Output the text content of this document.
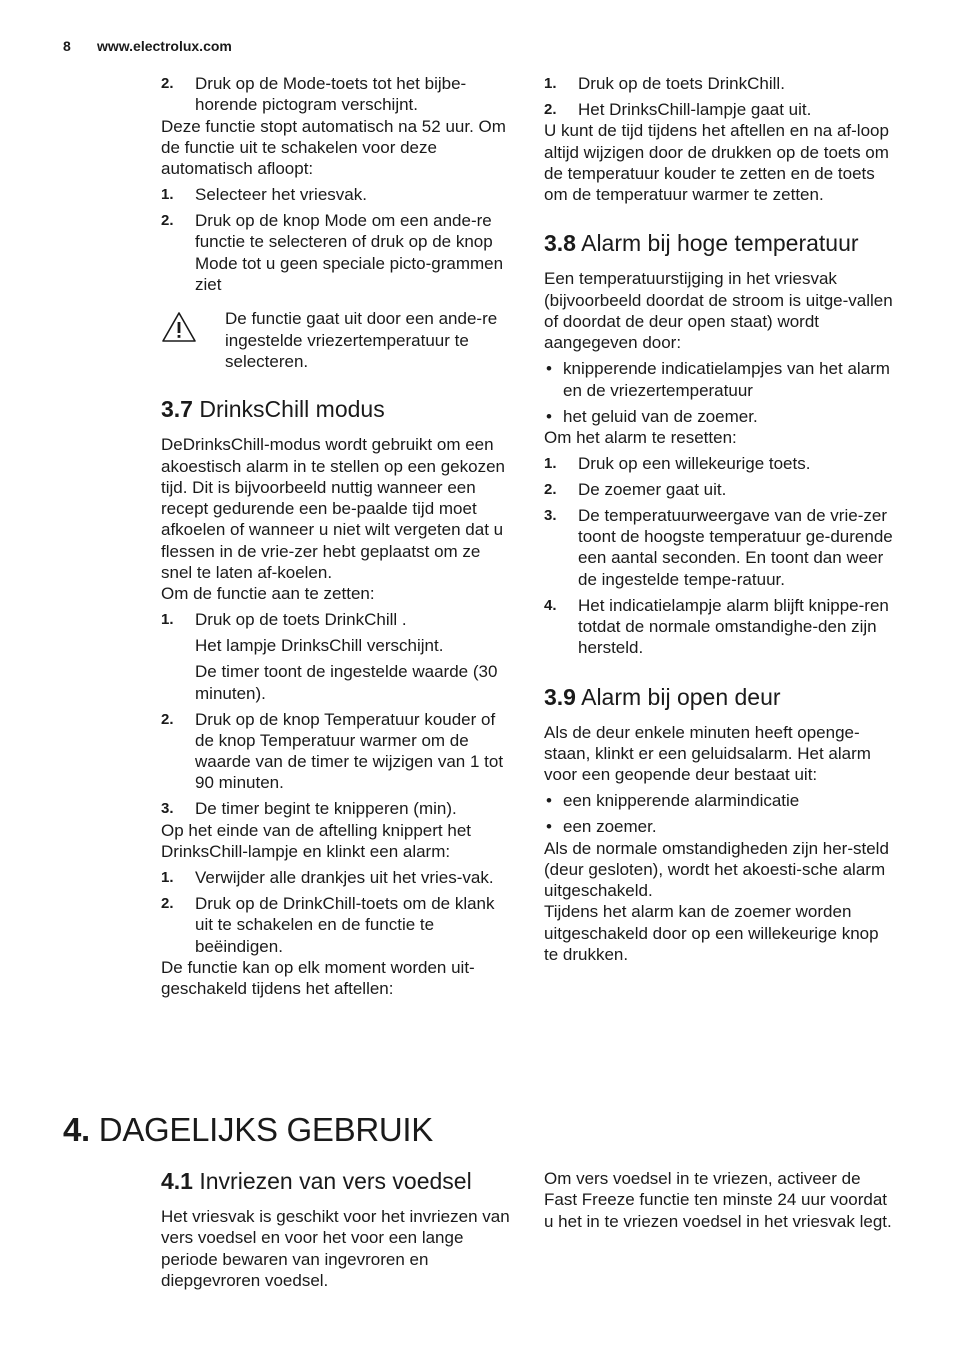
8 www.electrolux.com
2. Druk op de Mode-toets tot het bijbe-horende pictogram verschijnt.

Deze functie stopt automatisch na 52 uur. Om de functie uit te schakelen voor deze automatisch afloopt:

1. Selecteer het vriesvak.
2. Druk op de knop Mode om een ande-re functie te selecteren of druk op de knop Mode tot u geen speciale picto-grammen ziet
De functie gaat uit door een ande-re ingestelde vriezertemperatuur te selecteren.
3.7 DrinksChill modus

DeDrinksChill-modus wordt gebruikt om een akoestisch alarm in te stellen op een gekozen tijd. Dit is bijvoorbeeld nuttig wanneer een recept gedurende een be-paalde tijd moet afkoelen of wanneer u niet wilt vergeten dat u flessen in de vrie-zer hebt geplaatst om ze snel te laten af-koelen.

Om de functie aan te zetten:

1. Druk op de toets DrinkChill .
Het lampje DrinksChill verschijnt.
De timer toont de ingestelde waarde (30 minuten).
2. Druk op de knop Temperatuur kouder of de knop Temperatuur warmer om de waarde van de timer te wijzigen van 1 tot 90 minuten.
3. De timer begint te knipperen (min).

Op het einde van de aftelling knippert het DrinksChill-lampje en klinkt een alarm:

1. Verwijder alle drankjes uit het vries-vak.
2. Druk op de DrinkChill-toets om de klank uit te schakelen en de functie te beëindigen.

De functie kan op elk moment worden uit-geschakeld tijdens het aftellen:

1. Druk op de toets DrinkChill.
2. Het DrinksChill-lampje gaat uit.

U kunt de tijd tijdens het aftellen en na af-loop altijd wijzigen door de drukken op de toets om de temperatuur kouder te zetten en de toets om de temperatuur warmer te zetten.

3.8 Alarm bij hoge temperatuur

Een temperatuurstijging in het vriesvak (bijvoorbeeld doordat de stroom is uitge-vallen of doordat de deur open staat) wordt aangegeven door:

• knipperende indicatielampjes van het alarm en de vriezertemperatuur
• het geluid van de zoemer.

Om het alarm te resetten:

1. Druk op een willekeurige toets.
2. De zoemer gaat uit.
3. De temperatuurweergave van de vrie-zer toont de hoogste temperatuur ge-durende een aantal seconden. En toont dan weer de ingestelde tempe-ratuur.
4. Het indicatielampje alarm blijft knippe-ren totdat de normale omstandighe-den zijn hersteld.
3.9 Alarm bij open deur

Als de deur enkele minuten heeft openge-staan, klinkt er een geluidsalarm. Het alarm voor een geopende deur bestaat uit:

• een knipperende alarmindicatie
• een zoemer.

Als de normale omstandigheden zijn her-steld (deur gesloten), wordt het akoesti-sche alarm uitgeschakeld.

Tijdens het alarm kan de zoemer worden uitgeschakeld door op een willekeurige knop te drukken.

4. DAGELIJKS GEBRUIK
4.1 Invriezen van vers voedsel

Het vriesvak is geschikt voor het invriezen van vers voedsel en voor het voor een lange periode bewaren van ingevroren en diepgevroren voedsel.

Om vers voedsel in te vriezen, activeer de Fast Freeze functie ten minste 24 uur voordat u het in te vriezen voedsel in het vriesvak legt.
